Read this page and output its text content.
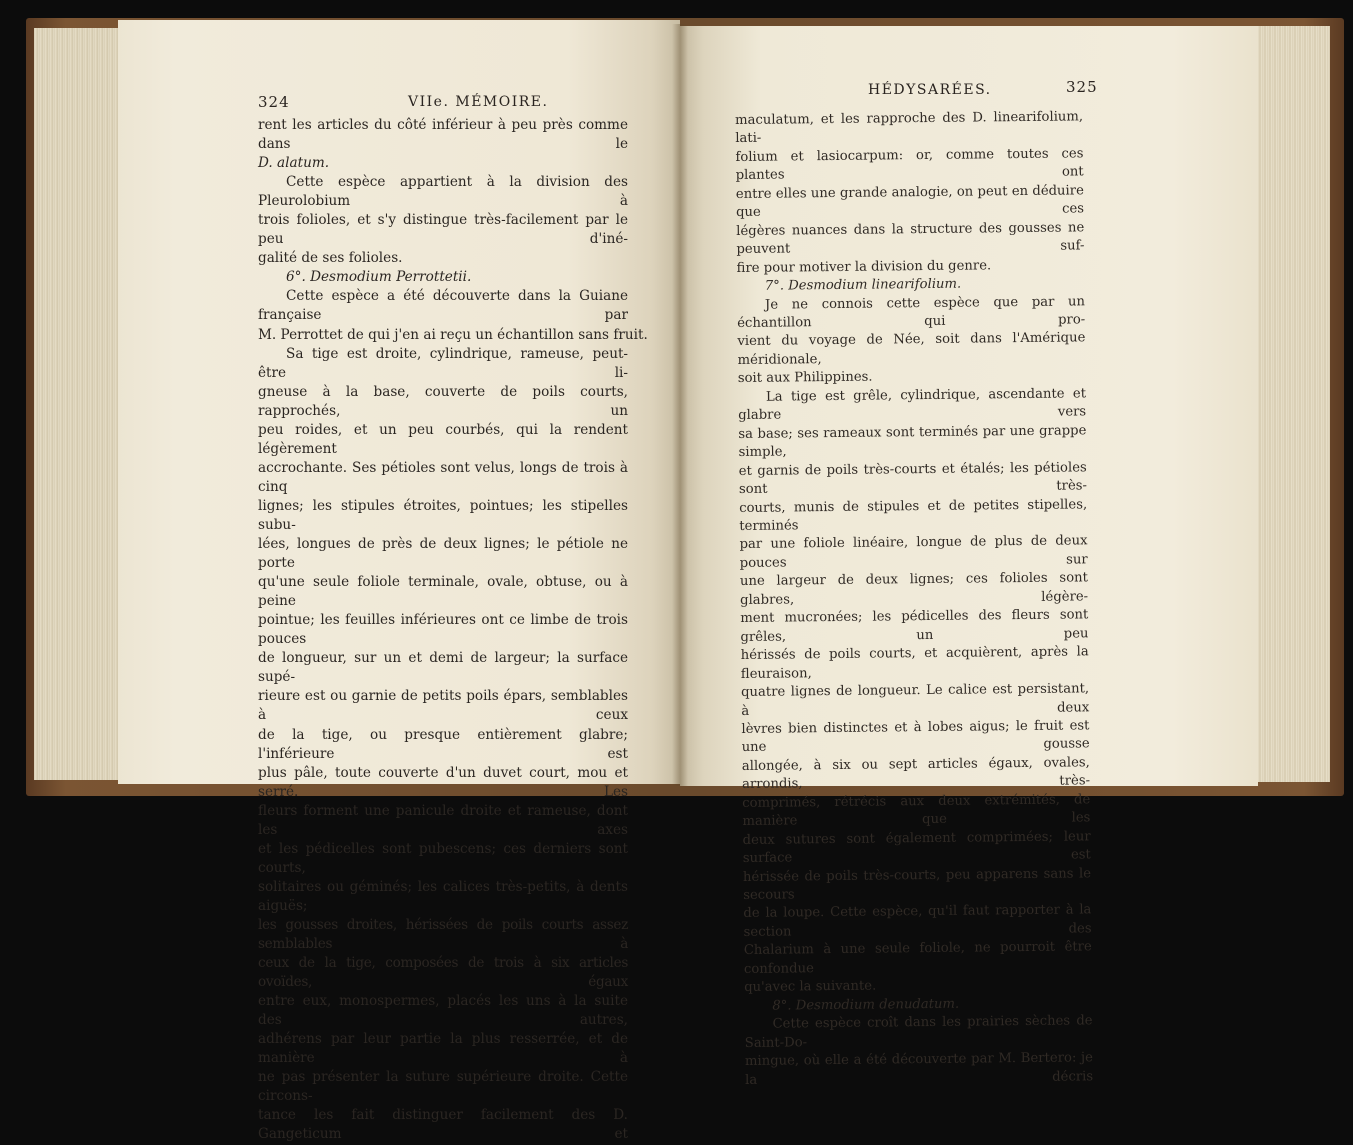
324	VIIe. MÉMOIRE.
rent les articles du côté inférieur à peu près comme dans le
D. alatum.
Cette espèce appartient à la division des Pleurolobium à
trois folioles, et s'y distingue très-facilement par le peu d'iné-
galité de ses folioles.
6°. Desmodium Perrottetii.
Cette espèce a été découverte dans la Guiane française par
M. Perrottet de qui j'en ai reçu un échantillon sans fruit.
Sa tige est droite, cylindrique, rameuse, peut-être li-
gneuse à la base, couverte de poils courts, rapprochés, un
peu roides, et un peu courbés, qui la rendent légèrement
accrochante. Ses pétioles sont velus, longs de trois à cinq
lignes; les stipules étroites, pointues; les stipelles subu-
lées, longues de près de deux lignes; le pétiole ne porte
qu'une seule foliole terminale, ovale, obtuse, ou à peine
pointue; les feuilles inférieures ont ce limbe de trois pouces
de longueur, sur un et demi de largeur; la surface supé-
rieure est ou garnie de petits poils épars, semblables à ceux
de la tige, ou presque entièrement glabre; l'inférieure est
plus pâle, toute couverte d'un duvet court, mou et serré. Les
fleurs forment une panicule droite et rameuse, dont les axes
et les pédicelles sont pubescens; ces derniers sont courts,
solitaires ou géminés; les calices très-petits, à dents aiguës;
les gousses droites, hérissées de poils courts assez semblables à
ceux de la tige, composées de trois à six articles ovoïdes, égaux
entre eux, monospermes, placés les uns à la suite des autres,
adhérens par leur partie la plus resserrée, et de manière à
ne pas présenter la suture supérieure droite. Cette circons-
tance les fait distinguer facilement des D. Gangeticum et
HÉDYSARÉES.	325
maculatum, et les rapproche des D. linearifolium, lati-
folium et lasiocarpum: or, comme toutes ces plantes ont
entre elles une grande analogie, on peut en déduire que ces
légères nuances dans la structure des gousses ne peuvent suf-
fire pour motiver la division du genre.
7°. Desmodium linearifolium.
Je ne connois cette espèce que par un échantillon qui pro-
vient du voyage de Née, soit dans l'Amérique méridionale,
soit aux Philippines.
La tige est grêle, cylindrique, ascendante et glabre vers
sa base; ses rameaux sont terminés par une grappe simple,
et garnis de poils très-courts et étalés; les pétioles sont très-
courts, munis de stipules et de petites stipelles, terminés
par une foliole linéaire, longue de plus de deux pouces sur
une largeur de deux lignes; ces folioles sont glabres, légère-
ment mucronées; les pédicelles des fleurs sont grêles, un peu
hérissés de poils courts, et acquièrent, après la fleuraison,
quatre lignes de longueur. Le calice est persistant, à deux
lèvres bien distinctes et à lobes aigus; le fruit est une gousse
allongée, à six ou sept articles égaux, ovales, arrondis, très-
comprimés, rétrécis aux deux extrémités, de manière que les
deux sutures sont également comprimées; leur surface est
hérissée de poils très-courts, peu apparens sans le secours
de la loupe. Cette espèce, qu'il faut rapporter à la section des
Chalarium à une seule foliole, ne pourroit être confondue
qu'avec la suivante.
8°. Desmodium denudatum.
Cette espèce croît dans les prairies sèches de Saint-Do-
mingue, où elle a été découverte par M. Bertero: je la décris
